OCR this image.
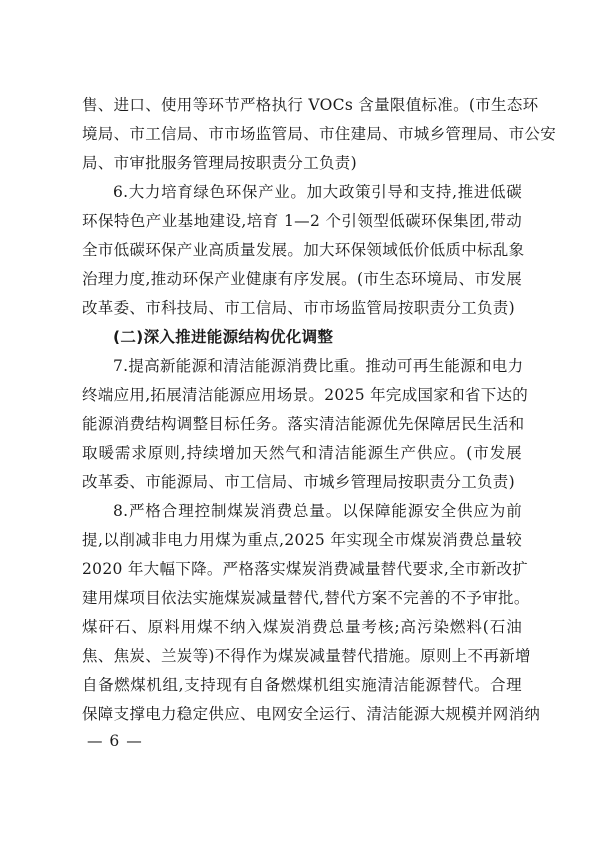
售、进口、使用等环节严格执行 VOCs 含量限值标准。(市生态环
境局、市工信局、市市场监管局、市住建局、市城乡管理局、市公安
局、市审批服务管理局按职责分工负责)
6.大力培育绿色环保产业。加大政策引导和支持,推进低碳
环保特色产业基地建设,培育 1—2 个引领型低碳环保集团,带动
全市低碳环保产业高质量发展。加大环保领域低价低质中标乱象
治理力度,推动环保产业健康有序发展。(市生态环境局、市发展
改革委、市科技局、市工信局、市市场监管局按职责分工负责)
(二)深入推进能源结构优化调整
7.提高新能源和清洁能源消费比重。推动可再生能源和电力
终端应用,拓展清洁能源应用场景。2025 年完成国家和省下达的
能源消费结构调整目标任务。落实清洁能源优先保障居民生活和
取暖需求原则,持续增加天然气和清洁能源生产供应。(市发展
改革委、市能源局、市工信局、市城乡管理局按职责分工负责)
8.严格合理控制煤炭消费总量。以保障能源安全供应为前
提,以削减非电力用煤为重点,2025 年实现全市煤炭消费总量较
2020 年大幅下降。严格落实煤炭消费减量替代要求,全市新改扩
建用煤项目依法实施煤炭减量替代,替代方案不完善的不予审批。
煤矸石、原料用煤不纳入煤炭消费总量考核;高污染燃料(石油
焦、焦炭、兰炭等)不得作为煤炭减量替代措施。原则上不再新增
自备燃煤机组,支持现有自备燃煤机组实施清洁能源替代。合理
保障支撑电力稳定供应、电网安全运行、清洁能源大规模并网消纳
— 6 —
